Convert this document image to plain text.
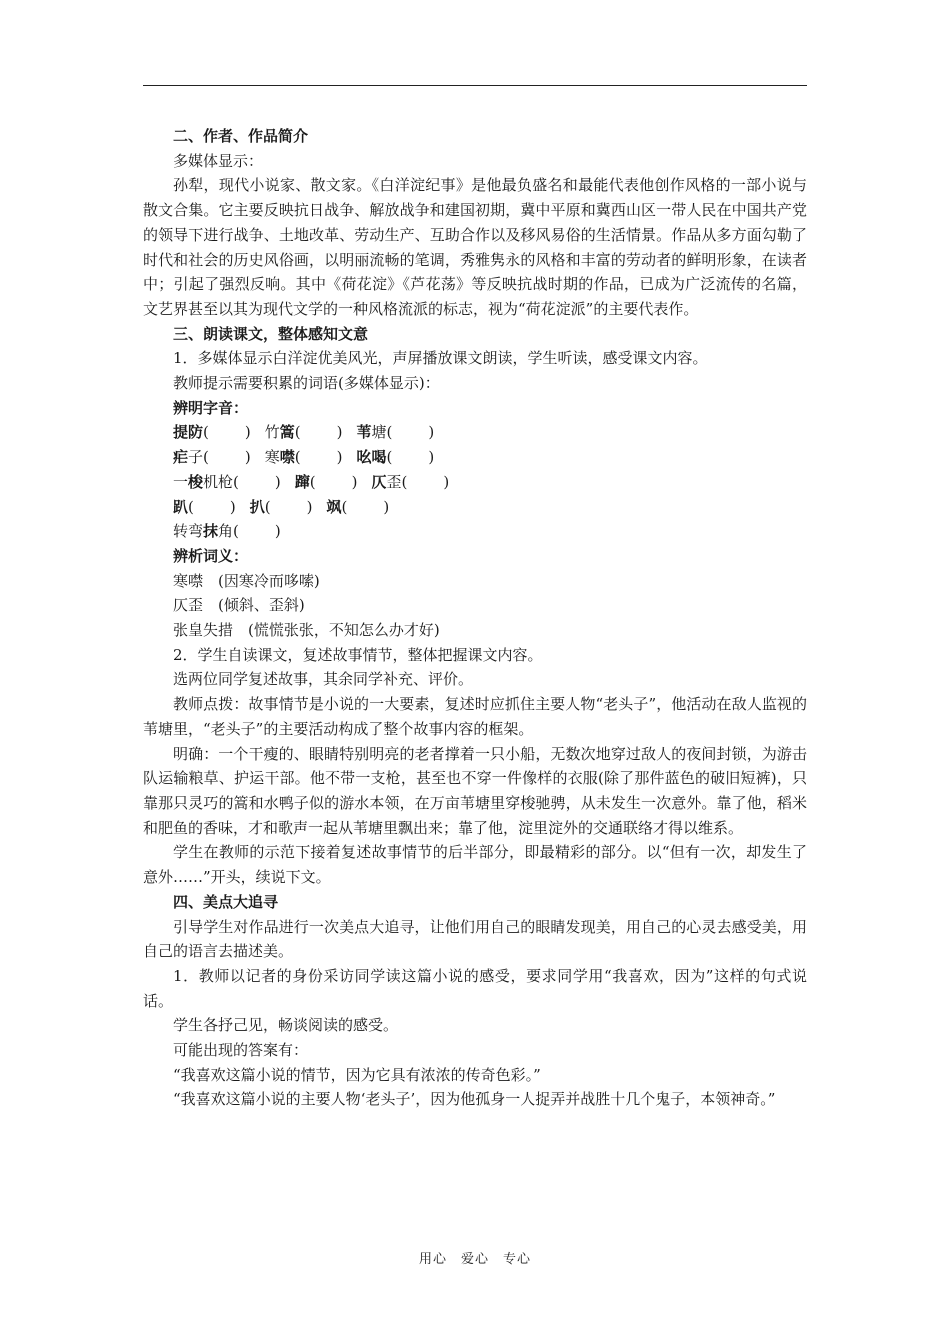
二、作者、作品简介

多媒体显示：

孙犁，现代小说家、散文家。《白洋淀纪事》是他最负盛名和最能代表他创作风格的一部小说与散文合集。它主要反映抗日战争、解放战争和建国初期，冀中平原和冀西山区一带人民在中国共产党的领导下进行战争、土地改革、劳动生产、互助合作以及移风易俗的生活情景。作品从多方面勾勒了时代和社会的历史风俗画，以明丽流畅的笔调，秀雅隽永的风格和丰富的劳动者的鲜明形象，在读者中；引起了强烈反响。其中《荷花淀》《芦花荡》等反映抗战时期的作品，已成为广泛流传的名篇，文艺界甚至以其为现代文学的一种风格流派的标志，视为“荷花淀派”的主要代表作。

三、朗读课文，整体感知文意

1．多媒体显示白洋淀优美风光，声屏播放课文朗读，学生听读，感受课文内容。

教师提示需要积累的词语(多媒体显示)：

辨明字音：

提防( ) 竹篙( ) 苇塘( )

疟子( ) 寒噤( ) 吆喝( )

一梭机枪( ) 蹿( ) 仄歪( )

趴( ) 扒( ) 飒( )

转弯抹角( )

辨析词义：

寒噤　 (因寒冷而哆嗦)

仄歪　 (倾斜、歪斜)

张皇失措　 (慌慌张张，不知怎么办才好)

2．学生自读课文，复述故事情节，整体把握课文内容。

选两位同学复述故事，其余同学补充、评价。

教师点拨：故事情节是小说的一大要素，复述时应抓住主要人物“老头子”，他活动在敌人监视的苇塘里，“老头子”的主要活动构成了整个故事内容的框架。

明确：一个干瘦的、眼睛特别明亮的老者撑着一只小船，无数次地穿过敌人的夜间封锁，为游击队运输粮草、护运干部。他不带一支枪，甚至也不穿一件像样的衣服(除了那件蓝色的破旧短裤)，只靠那只灵巧的篙和水鸭子似的游水本领，在万亩苇塘里穿梭驰骋，从未发生一次意外。靠了他，稻米和肥鱼的香味，才和歌声一起从苇塘里飘出来；靠了他，淀里淀外的交通联络才得以维系。

学生在教师的示范下接着复述故事情节的后半部分，即最精彩的部分。以“但有一次，却发生了意外……”开头，续说下文。

四、美点大追寻

引导学生对作品进行一次美点大追寻，让他们用自己的眼睛发现美，用自己的心灵去感受美，用自己的语言去描述美。

1．教师以记者的身份采访同学读这篇小说的感受，要求同学用“我喜欢，因为”这样的句式说话。

学生各抒己见，畅谈阅读的感受。

可能出现的答案有：

“我喜欢这篇小说的情节，因为它具有浓浓的传奇色彩。”

“我喜欢这篇小说的主要人物‘老头子’，因为他孤身一人捉弄并战胜十几个鬼子，本领神奇。”

用心　爱心　专心
